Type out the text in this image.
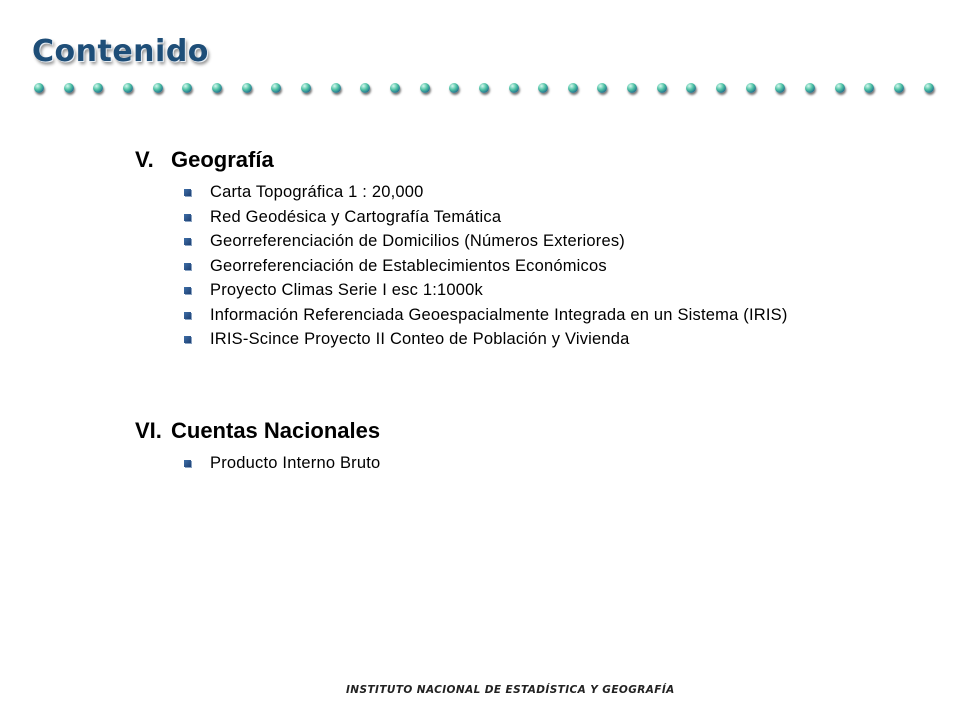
Contenido
V. Geografía
Carta Topográfica 1 : 20,000
Red Geodésica y Cartografía Temática
Georreferenciación de Domicilios (Números Exteriores)
Georreferenciación de Establecimientos Económicos
Proyecto Climas Serie I esc 1:1000k
Información Referenciada Geoespacialmente Integrada en un Sistema (IRIS)
IRIS-Scince Proyecto II Conteo de Población y Vivienda
VI. Cuentas Nacionales
Producto Interno Bruto
INSTITUTO NACIONAL DE ESTADÍSTICA Y GEOGRAFÍA
